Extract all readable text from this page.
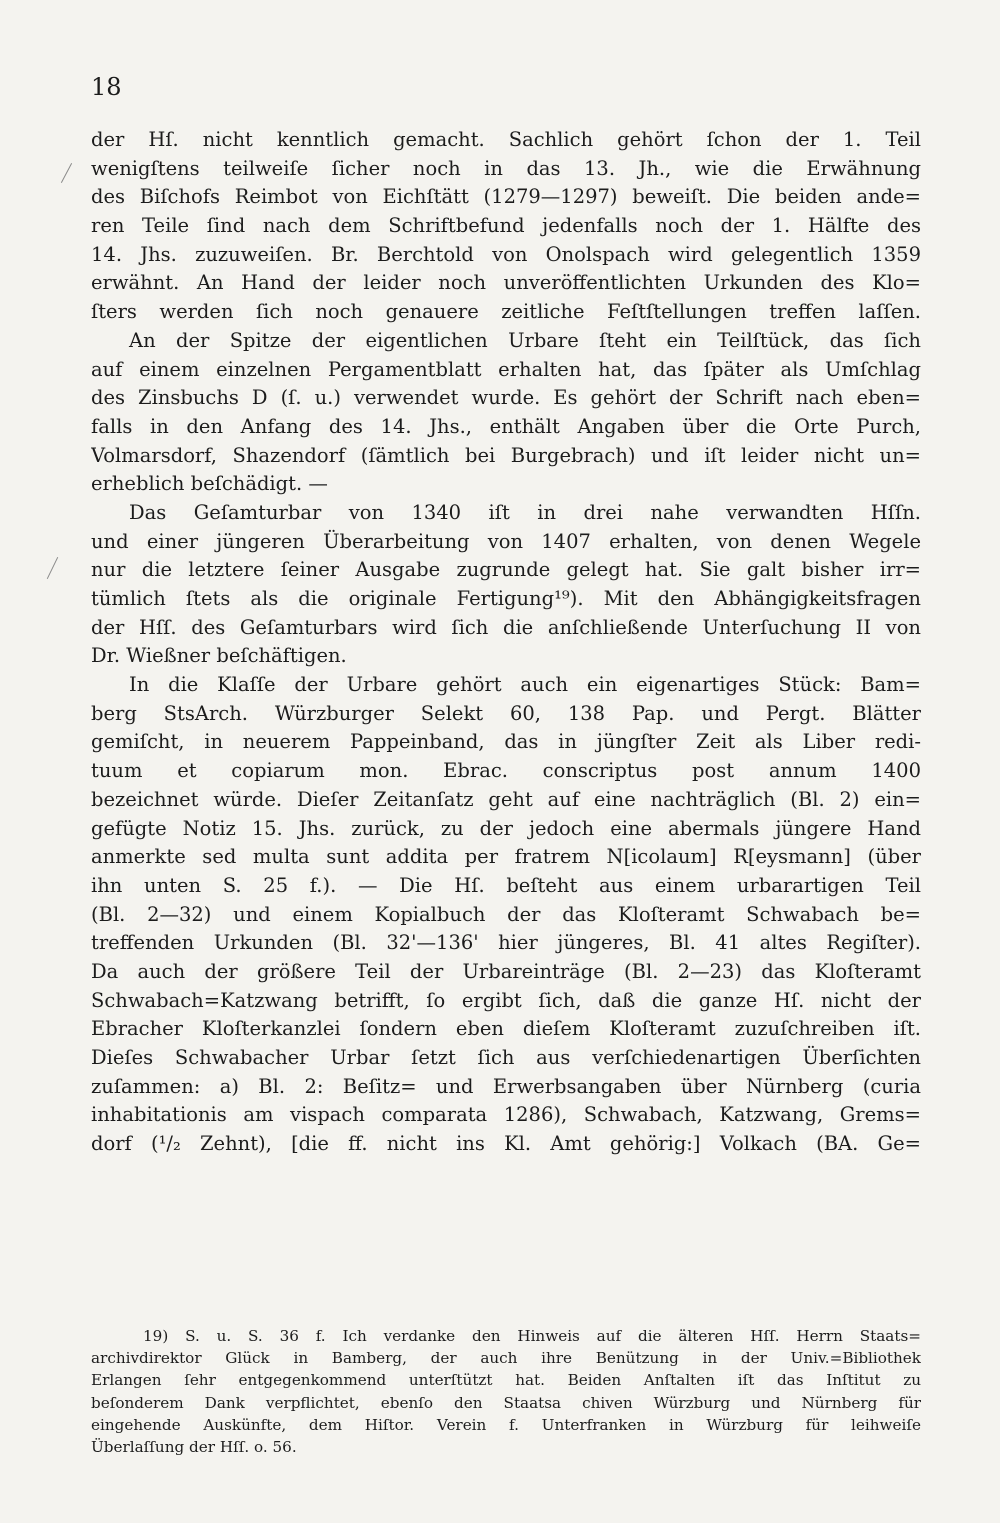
18
der Hſ. nicht kenntlich gemacht. Sachlich gehört ſchon der 1. Teil
wenigſtens teilweiſe ſicher noch in das 13. Jh., wie die Erwähnung
des Biſchofs Reimbot von Eichſtätt (1279—1297) beweiſt. Die beiden ande=
ren Teile ſind nach dem Schriftbefund jedenfalls noch der 1. Hälfte des
14. Jhs. zuzuweiſen. Br. Berchtold von Onolspach wird gelegentlich 1359
erwähnt. An Hand der leider noch unveröffentlichten Urkunden des Klo=
ſters werden ſich noch genauere zeitliche Feſtſtellungen treffen laſſen.
An der Spitze der eigentlichen Urbare ſteht ein Teilſtück, das ſich
auf einem einzelnen Pergamentblatt erhalten hat, das ſpäter als Umſchlag
des Zinsbuchs D (ſ. u.) verwendet wurde. Es gehört der Schrift nach eben=
falls in den Anfang des 14. Jhs., enthält Angaben über die Orte Purch,
Volmarsdorf, Shazendorf (ſämtlich bei Burgebrach) und iſt leider nicht un=
erheblich beſchädigt. —
Das Geſamturbar von 1340 iſt in drei nahe verwandten Hſſn.
und einer jüngeren Überarbeitung von 1407 erhalten, von denen Wegele
nur die letztere ſeiner Ausgabe zugrunde gelegt hat. Sie galt bisher irr=
tümlich ſtets als die originale Fertigung¹⁹). Mit den Abhängigkeitsfragen
der Hſſ. des Geſamturbars wird ſich die anſchließende Unterſuchung II von
Dr. Wießner beſchäftigen.
In die Klaſſe der Urbare gehört auch ein eigenartiges Stück: Bam=
berg StsArch. Würzburger Selekt 60, 138 Pap. und Pergt. Blätter
gemiſcht, in neuerem Pappeinband, das in jüngſter Zeit als Liber redi-
tuum et copiarum mon. Ebrac. conscriptus post annum 1400
bezeichnet würde. Dieſer Zeitanſatz geht auf eine nachträglich (Bl. 2) ein=
gefügte Notiz 15. Jhs. zurück, zu der jedoch eine abermals jüngere Hand
anmerkte sed multa sunt addita per fratrem N[icolaum] R[eysmann] (über
ihn unten S. 25 f.). — Die Hſ. beſteht aus einem urbarartigen Teil
(Bl. 2—32) und einem Kopialbuch der das Kloſteramt Schwabach be=
treffenden Urkunden (Bl. 32'—136' hier jüngeres, Bl. 41 altes Regiſter).
Da auch der größere Teil der Urbareinträge (Bl. 2—23) das Kloſteramt
Schwabach=Katzwang betrifft, ſo ergibt ſich, daß die ganze Hſ. nicht der
Ebracher Kloſterkanzlei ſondern eben dieſem Kloſteramt zuzuſchreiben iſt.
Dieſes Schwabacher Urbar ſetzt ſich aus verſchiedenartigen Überſichten
zuſammen: a) Bl. 2: Beſitz= und Erwerbsangaben über Nürnberg (curia
inhabitationis am vispach comparata 1286), Schwabach, Katzwang, Grems=
dorf (¹/₂ Zehnt), [die ff. nicht ins Kl. Amt gehörig:] Volkach (BA. Ge=
19) S. u. S. 36 f. Ich verdanke den Hinweis auf die älteren Hſſ. Herrn Staats=
archivdirektor Glück in Bamberg, der auch ihre Benützung in der Univ.=Bibliothek
Erlangen ſehr entgegenkommend unterſtützt hat. Beiden Anſtalten iſt das Inſtitut zu
beſonderem Dank verpflichtet, ebenſo den Staatsa chiven Würzburg und Nürnberg für
eingehende Auskünfte, dem Hiſtor. Verein f. Unterfranken in Würzburg für leihweiſe
Überlaſſung der Hſſ. o. 56.
